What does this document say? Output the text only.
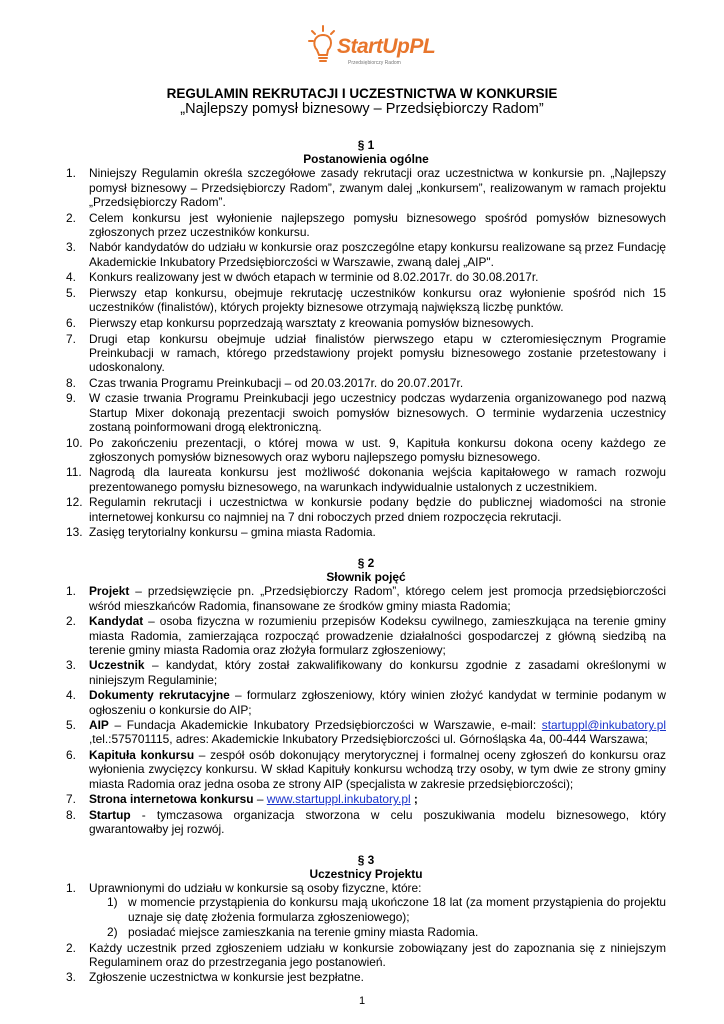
StartUpPL
Przedsiębiorczy Radom
REGULAMIN REKRUTACJI I UCZESTNICTWA W KONKURSIE
„Najlepszy pomysł biznesowy – Przedsiębiorczy Radom”
§ 1
Postanowienia ogólne
1. Niniejszy Regulamin określa szczegółowe zasady rekrutacji oraz uczestnictwa w konkursie pn. „Najlepszy pomysł biznesowy – Przedsiębiorczy Radom”, zwanym dalej „konkursem”, realizowanym w ramach projektu „Przedsiębiorczy Radom”.
2. Celem konkursu jest wyłonienie najlepszego pomysłu biznesowego spośród pomysłów biznesowych zgłoszonych przez uczestników konkursu.
3. Nabór kandydatów do udziału w konkursie oraz poszczególne etapy konkursu realizowane są przez Fundację Akademickie Inkubatory Przedsiębiorczości w Warszawie, zwaną dalej „AIP".
4. Konkurs realizowany jest w dwóch etapach w terminie od 8.02.2017r. do 30.08.2017r.
5. Pierwszy etap konkursu, obejmuje rekrutację uczestników konkursu oraz wyłonienie spośród nich 15 uczestników (finalistów), których projekty biznesowe otrzymają największą liczbę punktów.
6. Pierwszy etap konkursu poprzedzają warsztaty z kreowania pomysłów biznesowych.
7. Drugi etap konkursu obejmuje udział finalistów pierwszego etapu w czteromiesięcznym Programie Preinkubacji w ramach, którego przedstawiony projekt pomysłu biznesowego zostanie przetestowany i udoskonalony.
8. Czas trwania Programu Preinkubacji – od 20.03.2017r. do 20.07.2017r.
9. W czasie trwania Programu Preinkubacji jego uczestnicy podczas wydarzenia organizowanego pod nazwą Startup Mixer dokonają prezentacji swoich pomysłów biznesowych. O terminie wydarzenia uczestnicy zostaną poinformowani drogą elektroniczną.
10. Po zakończeniu prezentacji, o której mowa w ust. 9, Kapituła konkursu dokona oceny każdego ze zgłoszonych pomysłów biznesowych oraz wyboru najlepszego pomysłu biznesowego.
11. Nagrodą dla laureata konkursu jest możliwość dokonania wejścia kapitałowego w ramach rozwoju prezentowanego pomysłu biznesowego, na warunkach indywidualnie ustalonych z uczestnikiem.
12. Regulamin rekrutacji i uczestnictwa w konkursie podany będzie do publicznej wiadomości na stronie internetowej konkursu co najmniej na 7 dni roboczych przed dniem rozpoczęcia rekrutacji.
13. Zasięg terytorialny konkursu – gmina miasta Radomia.
§ 2
Słownik pojęć
1. Projekt – przedsięwzięcie pn. „Przedsiębiorczy Radom”, którego celem jest promocja przedsiębiorczości wśród mieszkańców Radomia, finansowane ze środków gminy miasta Radomia;
2. Kandydat – osoba fizyczna w rozumieniu przepisów Kodeksu cywilnego, zamieszkująca na terenie gminy miasta Radomia, zamierzająca rozpocząć prowadzenie działalności gospodarczej z główną siedzibą na terenie gminy miasta Radomia oraz złożyła formularz zgłoszeniowy;
3. Uczestnik – kandydat, który został zakwalifikowany do konkursu zgodnie z zasadami określonymi w niniejszym Regulaminie;
4. Dokumenty rekrutacyjne – formularz zgłoszeniowy, który winien złożyć kandydat w terminie podanym w ogłoszeniu o konkursie do AIP;
5. AIP – Fundacja Akademickie Inkubatory Przedsiębiorczości w Warszawie, e-mail: startuppl@inkubatory.pl ,tel.:575701115, adres: Akademickie Inkubatory Przedsiębiorczości ul. Górnośląska 4a, 00-444 Warszawa;
6. Kapituła konkursu – zespół osób dokonujący merytorycznej i formalnej oceny zgłoszeń do konkursu oraz wyłonienia zwycięzcy konkursu. W skład Kapituły konkursu wchodzą trzy osoby, w tym dwie ze strony gminy miasta Radomia oraz jedna osoba ze strony AIP (specjalista w zakresie przedsiębiorczości);
7. Strona internetowa konkursu – www.startuppl.inkubatory.pl ;
8. Startup - tymczasowa organizacja stworzona w celu poszukiwania modelu biznesowego, który gwarantowałby jej rozwój.
§ 3
Uczestnicy Projektu
1. Uprawnionymi do udziału w konkursie są osoby fizyczne, które:
1) w momencie przystąpienia do konkursu mają ukończone 18 lat (za moment przystąpienia do projektu uznaje się datę złożenia formularza zgłoszeniowego);
2) posiadać miejsce zamieszkania na terenie gminy miasta Radomia.
2. Każdy uczestnik przed zgłoszeniem udziału w konkursie zobowiązany jest do zapoznania się z niniejszym Regulaminem oraz do przestrzegania jego postanowień.
3. Zgłoszenie uczestnictwa w konkursie jest bezpłatne.
1
